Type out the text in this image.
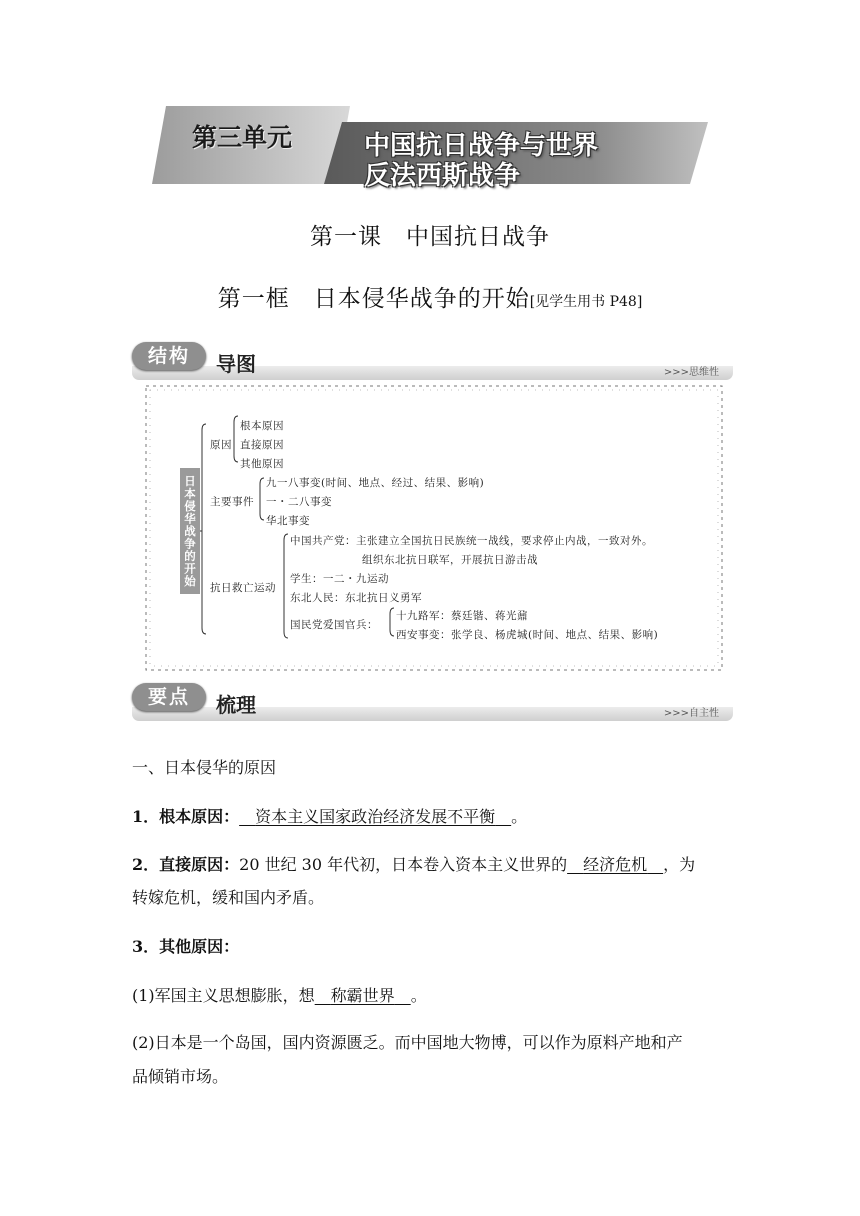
第三单元	中国抗日战争与世界
反法西斯战争
第一课　中国抗日战争
第一框　日本侵华战争的开始[见学生用书 P48]
结构	导图	>>>思维性
日本侵华战争的开始
原因
根本原因
直接原因
其他原因
主要事件
九一八事变(时间、地点、经过、结果、影响)
一・二八事变
华北事变
抗日救亡运动
中国共产党：主张建立全国抗日民族统一战线，要求停止内战，一致对外。
组织东北抗日联军，开展抗日游击战
学生：一二・九运动
东北人民：东北抗日义勇军
国民党爱国官兵：
十九路军：蔡廷锴、蒋光鼐
西安事变：张学良、杨虎城(时间、地点、结果、影响)
要点	梳理	>>>自主性
一、日本侵华的原因
1．根本原因：   资本主义国家政治经济发展不平衡   。
2．直接原因：20 世纪 30 年代初，日本卷入资本主义世界的   经济危机   ，为
转嫁危机，缓和国内矛盾。
3．其他原因：
(1)军国主义思想膨胀，想   称霸世界   。
(2)日本是一个岛国，国内资源匮乏。而中国地大物博，可以作为原料产地和产
品倾销市场。
